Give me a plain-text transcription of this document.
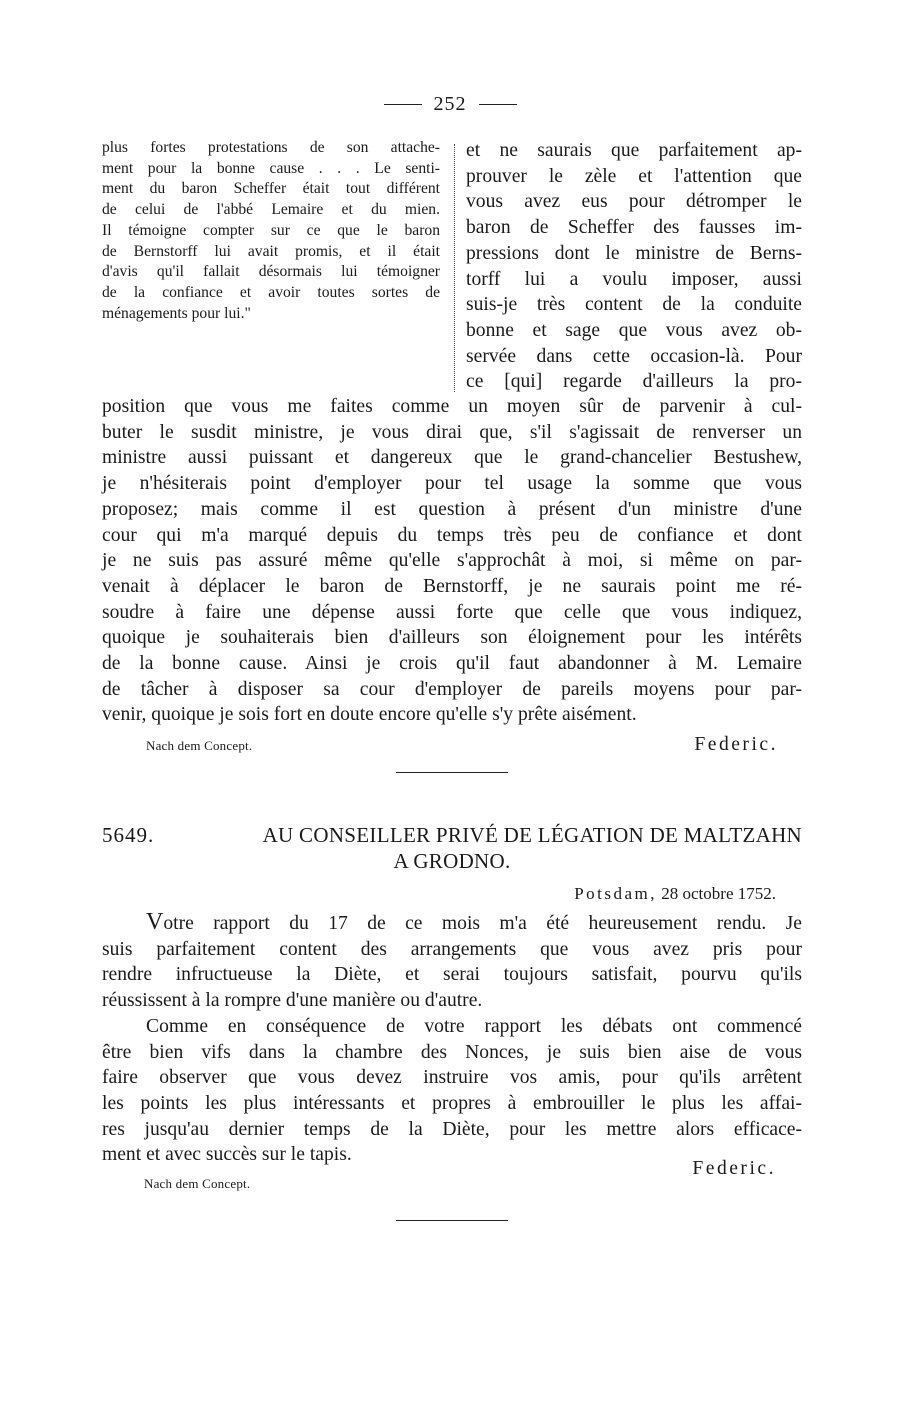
252
plus fortes protestations de son attache-
ment pour la bonne cause . . . Le senti-
ment du baron Scheffer était tout différent
de celui de l'abbé Lemaire et du mien.
Il témoigne compter sur ce que le baron
de Bernstorff lui avait promis, et il était
d'avis qu'il fallait désormais lui témoigner
de la confiance et avoir toutes sortes de
ménagements pour lui."
et ne saurais que parfaitement ap-
prouver le zèle et l'attention que
vous avez eus pour détromper le
baron de Scheffer des fausses im-
pressions dont le ministre de Berns-
torff lui a voulu imposer, aussi
suis-je très content de la conduite
bonne et sage que vous avez ob-
servée dans cette occasion-là. Pour
ce [qui] regarde d'ailleurs la pro-
position que vous me faites comme un moyen sûr de parvenir à cul-
buter le susdit ministre, je vous dirai que, s'il s'agissait de renverser un
ministre aussi puissant et dangereux que le grand-chancelier Bestushew,
je n'hésiterais point d'employer pour tel usage la somme que vous
proposez; mais comme il est question à présent d'un ministre d'une
cour qui m'a marqué depuis du temps très peu de confiance et dont
je ne suis pas assuré même qu'elle s'approchât à moi, si même on par-
venait à déplacer le baron de Bernstorff, je ne saurais point me ré-
soudre à faire une dépense aussi forte que celle que vous indiquez,
quoique je souhaiterais bien d'ailleurs son éloignement pour les intérêts
de la bonne cause. Ainsi je crois qu'il faut abandonner à M. Lemaire
de tâcher à disposer sa cour d'employer de pareils moyens pour par-
venir, quoique je sois fort en doute encore qu'elle s'y prête aisément.
Nach dem Concept.	Federic.
5649.	AU CONSEILLER PRIVÉ DE LÉGATION DE MALTZAHN
A GRODNO.
Potsdam, 28 octobre 1752.
Votre rapport du 17 de ce mois m'a été heureusement rendu. Je
suis parfaitement content des arrangements que vous avez pris pour
rendre infructueuse la Diète, et serai toujours satisfait, pourvu qu'ils
réussissent à la rompre d'une manière ou d'autre.
Comme en conséquence de votre rapport les débats ont commencé
être bien vifs dans la chambre des Nonces, je suis bien aise de vous
faire observer que vous devez instruire vos amis, pour qu'ils arrêtent
les points les plus intéressants et propres à embrouiller le plus les affai-
res jusqu'au dernier temps de la Diète, pour les mettre alors efficace-
ment et avec succès sur le tapis.
Federic.
Nach dem Concept.
